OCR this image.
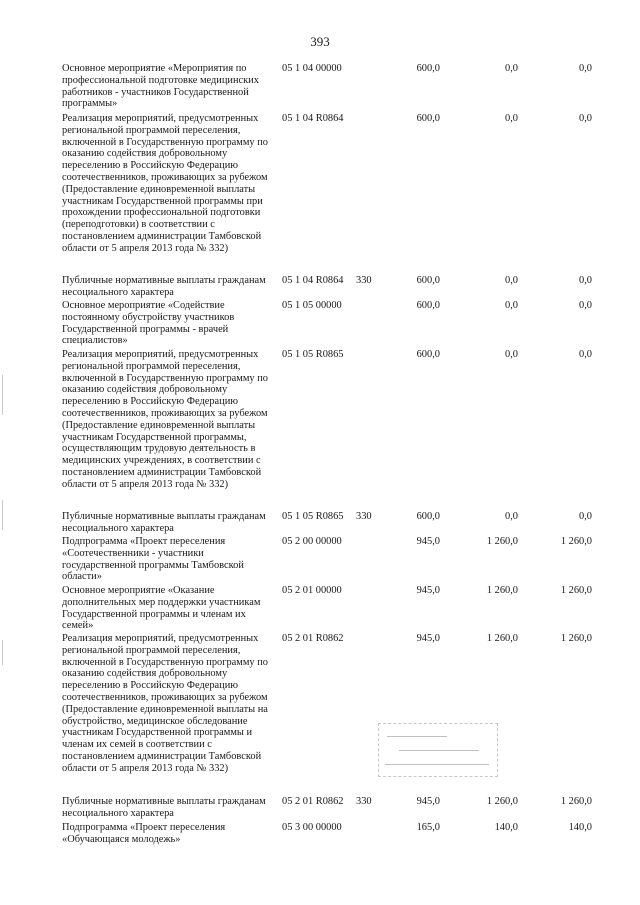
393
Основное мероприятие «Мероприятия по профессиональной подготовке медицинских работников - участников Государственной программы»
05 1 04 00000	600,0	0,0	0,0
Реализация мероприятий, предусмотренных региональной программой переселения, включенной в Государственную программу по оказанию содействия добровольному переселению в Российскую Федерацию соотечественников, проживающих за рубежом (Предоставление единовременной выплаты участникам Государственной программы при прохождении профессиональной подготовки (переподготовки) в соответствии с постановлением администрации Тамбовской области от 5 апреля 2013 года № 332)
05 1 04 R0864	600,0	0,0	0,0
Публичные нормативные выплаты гражданам несоциального характера
05 1 04 R0864 330	600,0	0,0	0,0
Основное мероприятие «Содействие постоянному обустройству участников Государственной программы - врачей специалистов»
05 1 05 00000	600,0	0,0	0,0
Реализация мероприятий, предусмотренных региональной программой переселения, включенной в Государственную программу по оказанию содействия добровольному переселению в Российскую Федерацию соотечественников, проживающих за рубежом (Предоставление единовременной выплаты участникам Государственной программы, осуществляющим трудовую деятельность в медицинских учреждениях, в соответствии с постановлением администрации Тамбовской области от 5 апреля 2013 года № 332)
05 1 05 R0865	600,0	0,0	0,0
Публичные нормативные выплаты гражданам несоциального характера
05 1 05 R0865 330	600,0	0,0	0,0
Подпрограмма «Проект переселения «Соотечественники - участники государственной программы Тамбовской области»
05 2 00 00000	945,0	1 260,0	1 260,0
Основное мероприятие «Оказание дополнительных мер поддержки участникам Государственной программы и членам их семей»
05 2 01 00000	945,0	1 260,0	1 260,0
Реализация мероприятий, предусмотренных региональной программой переселения, включенной в Государственную программу по оказанию содействия добровольному переселению в Российскую Федерацию соотечественников, проживающих за рубежом (Предоставление единовременной выплаты на обустройство, медицинское обследование участникам Государственной программы и членам их семей в соответствии с постановлением администрации Тамбовской области от 5 апреля 2013 года № 332)
05 2 01 R0862	945,0	1 260,0	1 260,0
Публичные нормативные выплаты гражданам несоциального характера
05 2 01 R0862 330	945,0	1 260,0	1 260,0
Подпрограмма «Проект переселения «Обучающаяся молодежь»
05 3 00 00000	165,0	140,0	140,0
